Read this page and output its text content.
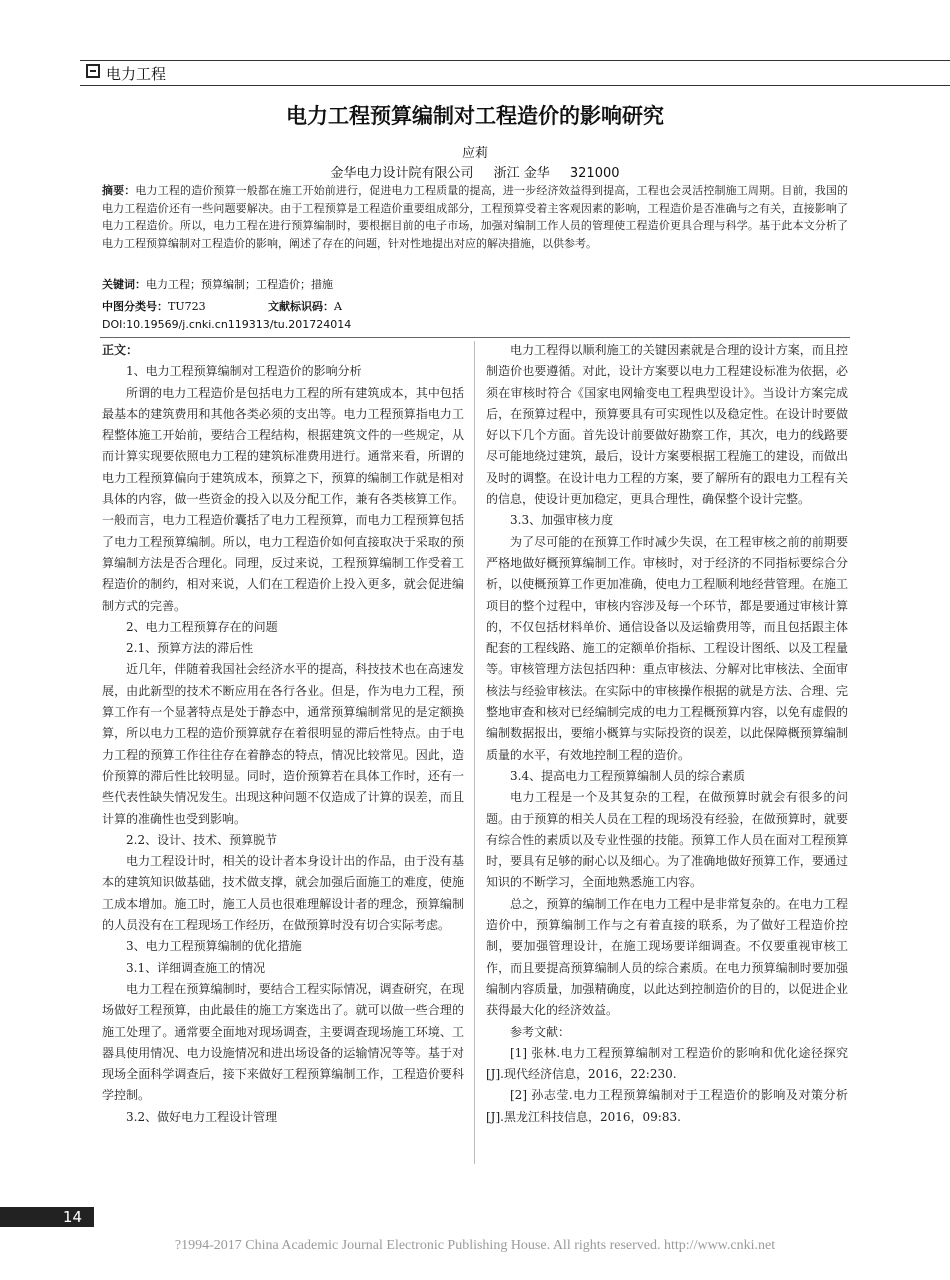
电力工程
电力工程预算编制对工程造价的影响研究
应莉
金华电力设计院有限公司 浙江 金华 321000
摘要：电力工程的造价预算一般都在施工开始前进行，促进电力工程质量的提高，进一步经济效益得到提高，工程也会灵活控制施工周期。目前，我国的电力工程造价还有一些问题要解决。由于工程预算是工程造价重要组成部分，工程预算受着主客观因素的影响，工程造价是否准确与之有关，直接影响了电力工程造价。所以，电力工程在进行预算编制时，要根据目前的电子市场，加强对编制工作人员的管理使工程造价更具合理与科学。基于此本文分析了电力工程预算编制对工程造价的影响，阐述了存在的问题，针对性地提出对应的解决措施，以供参考。
关键词：电力工程；预算编制；工程造价；措施
中图分类号：TU723	文献标识码：A
DOI:10.19569/j.cnki.cn119313/tu.201724014
正文：

1、电力工程预算编制对工程造价的影响分析

所谓的电力工程造价是包括电力工程的所有建筑成本，其中包括最基本的建筑费用和其他各类必须的支出等。电力工程预算指电力工程整体施工开始前，要结合工程结构，根据建筑文件的一些规定，从而计算实现要依照电力工程的建筑标准费用进行。通常来看，所谓的电力工程预算偏向于建筑成本，预算之下，预算的编制工作就是相对具体的内容，做一些资金的投入以及分配工作，兼有各类核算工作。一般而言，电力工程造价囊括了电力工程预算，而电力工程预算包括了电力工程预算编制。所以，电力工程造价如何直接取决于采取的预算编制方法是否合理化。同理，反过来说，工程预算编制工作受着工程造价的制约，相对来说，人们在工程造价上投入更多，就会促进编制方式的完善。

2、电力工程预算存在的问题

2.1、预算方法的滞后性

近几年，伴随着我国社会经济水平的提高，科技技术也在高速发展，由此新型的技术不断应用在各行各业。但是，作为电力工程，预算工作有一个显著特点是处于静态中，通常预算编制常见的是定额换算，所以电力工程的造价预算就存在着很明显的滞后性特点。由于电力工程的预算工作往往存在着静态的特点，情况比较常见。因此，造价预算的滞后性比较明显。同时，造价预算若在具体工作时，还有一些代表性缺失情况发生。出现这种问题不仅造成了计算的误差，而且计算的准确性也受到影响。

2.2、设计、技术、预算脱节

电力工程设计时，相关的设计者本身设计出的作品，由于没有基本的建筑知识做基础，技术做支撑，就会加强后面施工的难度，使施工成本增加。施工时，施工人员也很难理解设计者的理念，预算编制的人员没有在工程现场工作经历，在做预算时没有切合实际考虑。

3、电力工程预算编制的优化措施

3.1、详细调查施工的情况

电力工程在预算编制时，要结合工程实际情况，调查研究，在现场做好工程预算，由此最佳的施工方案选出了。就可以做一些合理的施工处理了。通常要全面地对现场调查，主要调查现场施工环境、工器具使用情况、电力设施情况和进出场设备的运输情况等等。基于对现场全面科学调查后，接下来做好工程预算编制工作，工程造价要科学控制。

3.2、做好电力工程设计管理

电力工程得以顺利施工的关键因素就是合理的设计方案，而且控制造价也要遵循。对此，设计方案要以电力工程建设标准为依据，必须在审核时符合《国家电网输变电工程典型设计》。当设计方案完成后，在预算过程中，预算要具有可实现性以及稳定性。在设计时要做好以下几个方面。首先设计前要做好勘察工作，其次，电力的线路要尽可能地绕过建筑，最后，设计方案要根据工程施工的建设，而做出及时的调整。在设计电力工程的方案，要了解所有的跟电力工程有关的信息，使设计更加稳定，更具合理性，确保整个设计完整。

3.3、加强审核力度

为了尽可能的在预算工作时减少失误，在工程审核之前的前期要严格地做好概预算编制工作。审核时，对于经济的不同指标要综合分析，以使概预算工作更加准确，使电力工程顺利地经营管理。在施工项目的整个过程中，审核内容涉及每一个环节，都是要通过审核计算的，不仅包括材料单价、通信设备以及运输费用等，而且包括跟主体配套的工程线路、施工的定额单价指标、工程设计图纸、以及工程量等。审核管理方法包括四种：重点审核法、分解对比审核法、全面审核法与经验审核法。在实际中的审核操作根据的就是方法、合理、完整地审查和核对已经编制完成的电力工程概预算内容，以免有虚假的编制数据报出，要缩小概算与实际投资的误差，以此保障概预算编制质量的水平，有效地控制工程的造价。

3.4、提高电力工程预算编制人员的综合素质

电力工程是一个及其复杂的工程，在做预算时就会有很多的问题。由于预算的相关人员在工程的现场没有经验，在做预算时，就要有综合性的素质以及专业性强的技能。预算工作人员在面对工程预算时，要具有足够的耐心以及细心。为了准确地做好预算工作，要通过知识的不断学习，全面地熟悉施工内容。

总之，预算的编制工作在电力工程中是非常复杂的。在电力工程造价中，预算编制工作与之有着直接的联系，为了做好工程造价控制，要加强管理设计，在施工现场要详细调查。不仅要重视审核工作，而且要提高预算编制人员的综合素质。在电力预算编制时要加强编制内容质量，加强精确度，以此达到控制造价的目的，以促进企业获得最大化的经济效益。

参考文献：

[1] 张林.电力工程预算编制对工程造价的影响和优化途径探究[J].现代经济信息，2016，22:230.

[2] 孙志莹.电力工程预算编制对于工程造价的影响及对策分析[J].黑龙江科技信息，2016，09:83.

14
?1994-2017 China Academic Journal Electronic Publishing House. All rights reserved. http://www.cnki.net
